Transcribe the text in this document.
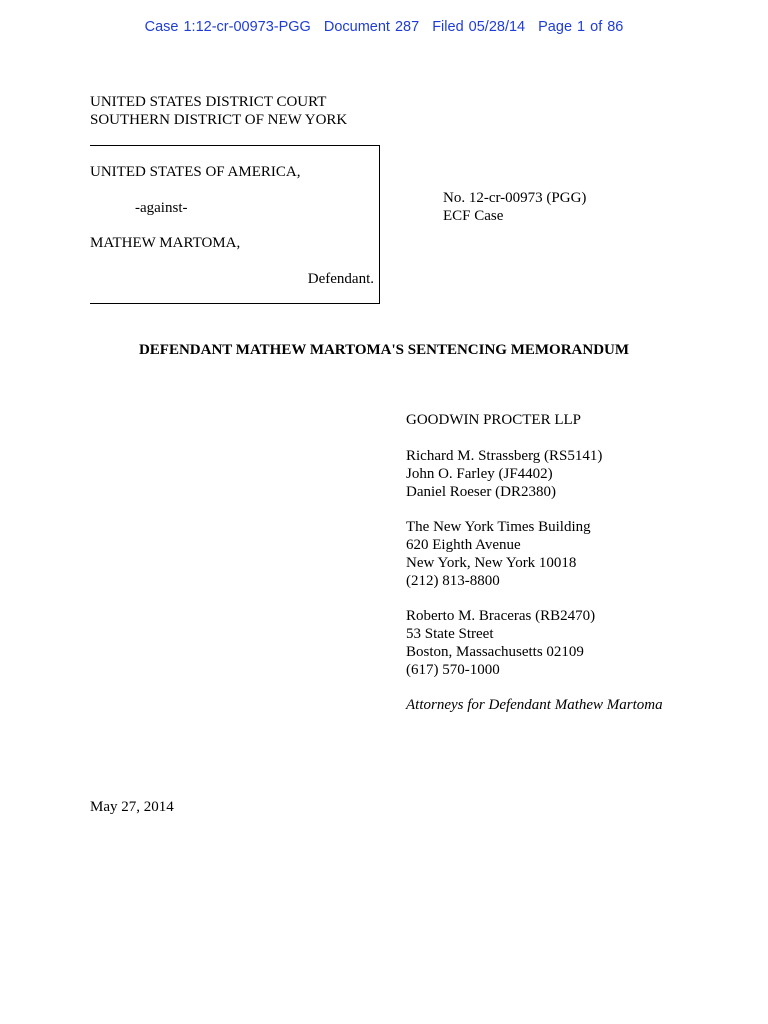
Case 1:12-cr-00973-PGG Document 287 Filed 05/28/14 Page 1 of 86
UNITED STATES DISTRICT COURT
SOUTHERN DISTRICT OF NEW YORK
UNITED STATES OF AMERICA,
-against-
MATHEW MARTOMA,
Defendant.
No. 12-cr-00973 (PGG)
ECF Case
DEFENDANT MATHEW MARTOMA'S SENTENCING MEMORANDUM
GOODWIN PROCTER LLP
Richard M. Strassberg (RS5141)
John O. Farley (JF4402)
Daniel Roeser (DR2380)
The New York Times Building
620 Eighth Avenue
New York, New York 10018
(212) 813-8800
Roberto M. Braceras (RB2470)
53 State Street
Boston, Massachusetts 02109
(617) 570-1000
Attorneys for Defendant Mathew Martoma
May 27, 2014
